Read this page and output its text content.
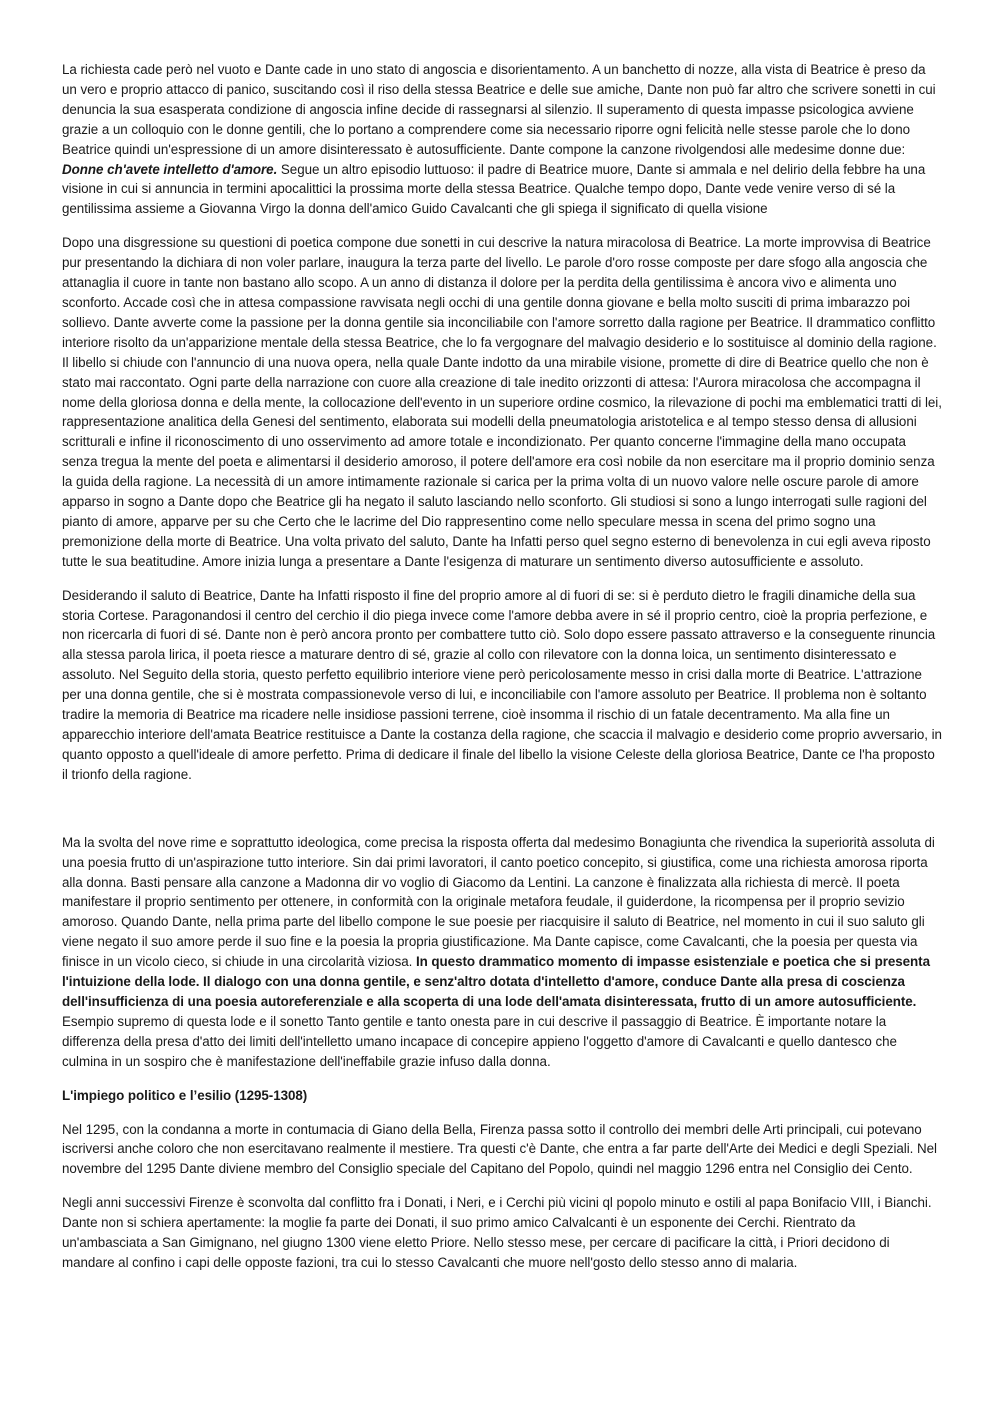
La richiesta cade però nel vuoto e Dante cade in uno stato di angoscia e disorientamento. A un banchetto di nozze, alla vista di Beatrice è preso da un vero e proprio attacco di panico, suscitando così il riso della stessa Beatrice e delle sue amiche, Dante non può far altro che scrivere sonetti in cui denuncia la sua esasperata condizione di angoscia infine decide di rassegnarsi al silenzio. Il superamento di questa impasse psicologica avviene grazie a un colloquio con le donne gentili, che lo portano a comprendere come sia necessario riporre ogni felicità nelle stesse parole che lo dono Beatrice quindi un'espressione di un amore disinteressato è autosufficiente. Dante compone la canzone rivolgendosi alle medesime donne due: Donne ch'avete intelletto d'amore. Segue un altro episodio luttuoso: il padre di Beatrice muore, Dante si ammala e nel delirio della febbre ha una visione in cui si annuncia in termini apocalittici la prossima morte della stessa Beatrice. Qualche tempo dopo, Dante vede venire verso di sé la gentilissima assieme a Giovanna Virgo la donna dell'amico Guido Cavalcanti che gli spiega il significato di quella visione

Dopo una disgressione su questioni di poetica compone due sonetti in cui descrive la natura miracolosa di Beatrice. La morte improvvisa di Beatrice pur presentando la dichiara di non voler parlare, inaugura la terza parte del livello. Le parole d'oro rosse composte per dare sfogo alla angoscia che attanaglia il cuore in tante non bastano allo scopo. A un anno di distanza il dolore per la perdita della gentilissima è ancora vivo e alimenta uno sconforto. Accade così che in attesa compassione ravvisata negli occhi di una gentile donna giovane e bella molto susciti di prima imbarazzo poi sollievo. Dante avverte come la passione per la donna gentile sia inconciliabile con l'amore sorretto dalla ragione per Beatrice. Il drammatico conflitto interiore risolto da un'apparizione mentale della stessa Beatrice, che lo fa vergognare del malvagio desiderio e lo sostituisce al dominio della ragione. Il libello si chiude con l'annuncio di una nuova opera, nella quale Dante indotto da una mirabile visione, promette di dire di Beatrice quello che non è stato mai raccontato. Ogni parte della narrazione con cuore alla creazione di tale inedito orizzonti di attesa: l'Aurora miracolosa che accompagna il nome della gloriosa donna e della mente, la collocazione dell'evento in un superiore ordine cosmico, la rilevazione di pochi ma emblematici tratti di lei, rappresentazione analitica della Genesi del sentimento, elaborata sui modelli della pneumatologia aristotelica e al tempo stesso densa di allusioni scritturali e infine il riconoscimento di uno osservimento ad amore totale e incondizionato. Per quanto concerne l'immagine della mano occupata senza tregua la mente del poeta e alimentarsi il desiderio amoroso, il potere dell'amore era così nobile da non esercitare ma il proprio dominio senza la guida della ragione. La necessità di un amore intimamente razionale si carica per la prima volta di un nuovo valore nelle oscure parole di amore apparso in sogno a Dante dopo che Beatrice gli ha negato il saluto lasciando nello sconforto. Gli studiosi si sono a lungo interrogati sulle ragioni del pianto di amore, apparve per su che Certo che le lacrime del Dio rappresentino come nello speculare messa in scena del primo sogno una premonizione della morte di Beatrice. Una volta privato del saluto, Dante ha Infatti perso quel segno esterno di benevolenza in cui egli aveva riposto tutte le sua beatitudine. Amore inizia lunga a presentare a Dante l'esigenza di maturare un sentimento diverso autosufficiente e assoluto.

Desiderando il saluto di Beatrice, Dante ha Infatti risposto il fine del proprio amore al di fuori di se: si è perduto dietro le fragili dinamiche della sua storia Cortese. Paragonandosi il centro del cerchio il dio piega invece come l'amore debba avere in sé il proprio centro, cioè la propria perfezione, e non ricercarla di fuori di sé. Dante non è però ancora pronto per combattere tutto ciò. Solo dopo essere passato attraverso e la conseguente rinuncia alla stessa parola lirica, il poeta riesce a maturare dentro di sé, grazie al collo con rilevatore con la donna loica, un sentimento disinteressato e assoluto. Nel Seguito della storia, questo perfetto equilibrio interiore viene però pericolosamente messo in crisi dalla morte di Beatrice. L'attrazione per una donna gentile, che si è mostrata compassionevole verso di lui, e inconciliabile con l'amore assoluto per Beatrice. Il problema non è soltanto tradire la memoria di Beatrice ma ricadere nelle insidiose passioni terrene, cioè insomma il rischio di un fatale decentramento. Ma alla fine un apparecchio interiore dell'amata Beatrice restituisce a Dante la costanza della ragione, che scaccia il malvagio e desiderio come proprio avversario, in quanto opposto a quell'ideale di amore perfetto. Prima di dedicare il finale del libello la visione Celeste della gloriosa Beatrice, Dante ce l'ha proposto il trionfo della ragione.

Ma la svolta del nove rime e soprattutto ideologica, come precisa la risposta offerta dal medesimo Bonagiunta che rivendica la superiorità assoluta di una poesia frutto di un'aspirazione tutto interiore. Sin dai primi lavoratori, il canto poetico concepito, si giustifica, come una richiesta amorosa riporta alla donna. Basti pensare alla canzone a Madonna dir vo voglio di Giacomo da Lentini. La canzone è finalizzata alla richiesta di mercè. Il poeta manifestare il proprio sentimento per ottenere, in conformità con la originale metafora feudale, il guiderdone, la ricompensa per il proprio sevizio amoroso. Quando Dante, nella prima parte del libello compone le sue poesie per riacquisire il saluto di Beatrice, nel momento in cui il suo saluto gli viene negato il suo amore perde il suo fine e la poesia la propria giustificazione. Ma Dante capisce, come Cavalcanti, che la poesia per questa via finisce in un vicolo cieco, si chiude in una circolarità viziosa. In questo drammatico momento di impasse esistenziale e poetica che si presenta l'intuizione della lode. Il dialogo con una donna gentile, e senz'altro dotata d'intelletto d'amore, conduce Dante alla presa di coscienza dell'insufficienza di una poesia autoreferenziale e alla scoperta di una lode dell'amata disinteressata, frutto di un amore autosufficiente. Esempio supremo di questa lode e il sonetto Tanto gentile e tanto onesta pare in cui descrive il passaggio di Beatrice. È importante notare la differenza della presa d'atto dei limiti dell'intelletto umano incapace di concepire appieno l'oggetto d'amore di Cavalcanti e quello dantesco che culmina in un sospiro che è manifestazione dell'ineffabile grazie infuso dalla donna.

L'impiego politico e l’esilio (1295-1308)

Nel 1295, con la condanna a morte in contumacia di Giano della Bella, Firenza passa sotto il controllo dei membri delle Arti principali, cui potevano iscriversi anche coloro che non esercitavano realmente il mestiere. Tra questi c'è Dante, che entra a far parte dell'Arte dei Medici e degli Speziali. Nel novembre del 1295 Dante diviene membro del Consiglio speciale del Capitano del Popolo, quindi nel maggio 1296 entra nel Consiglio dei Cento.

Negli anni successivi Firenze è sconvolta dal conflitto fra i Donati, i Neri, e i Cerchi più vicini ql popolo minuto e ostili al papa Bonifacio VIII, i Bianchi. Dante non si schiera apertamente: la moglie fa parte dei Donati, il suo primo amico Calvalcanti è un esponente dei Cerchi. Rientrato da un'ambasciata a San Gimignano, nel giugno 1300 viene eletto Priore. Nello stesso mese, per cercare di pacificare la città, i Priori decidono di mandare al confino i capi delle opposte fazioni, tra cui lo stesso Cavalcanti che muore nell'gosto dello stesso anno di malaria.
